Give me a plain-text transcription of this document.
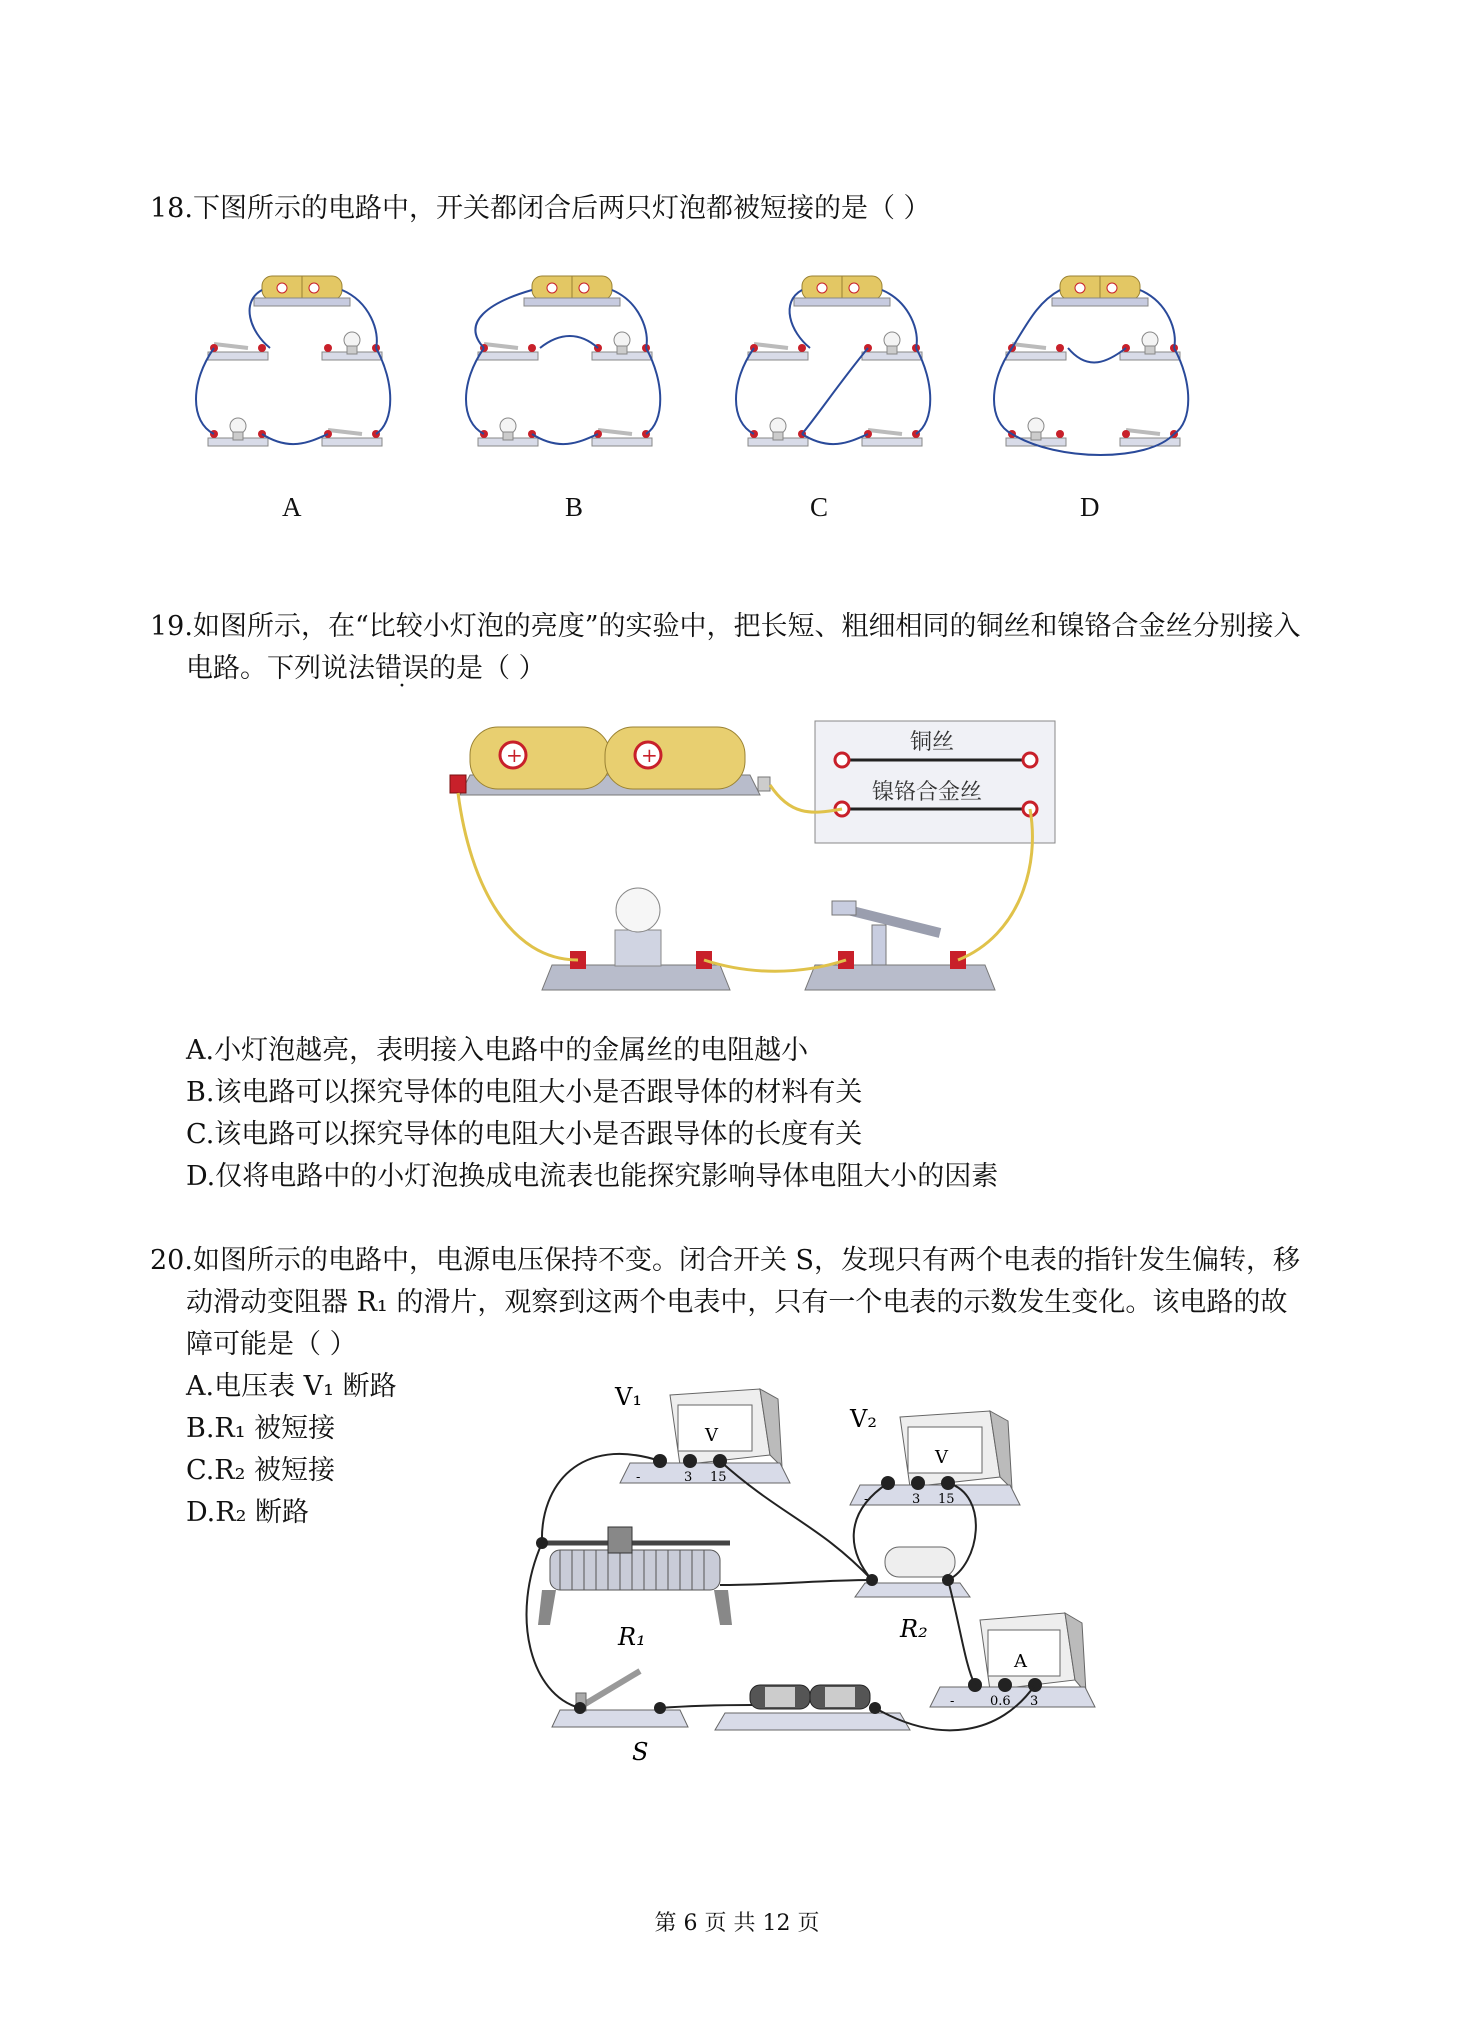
18.下图所示的电路中，开关都闭合后两只灯泡都被短接的是（ ）
A	B	C	D
19.如图所示，在“比较小灯泡的亮度”的实验中，把长短、粗细相同的铜丝和镍铬合金丝分别接入
电路。下列说法错误的是（ ）
+	+	铜丝
镍铬合金丝
A.小灯泡越亮，表明接入电路中的金属丝的电阻越小
B.该电路可以探究导体的电阻大小是否跟导体的材料有关
C.该电路可以探究导体的电阻大小是否跟导体的长度有关
D.仅将电路中的小灯泡换成电流表也能探究影响导体电阻大小的因素
20.如图所示的电路中，电源电压保持不变。闭合开关 S，发现只有两个电表的指针发生偏转，移
动滑动变阻器 R₁ 的滑片，观察到这两个电表中，只有一个电表的示数发生变化。该电路的故
障可能是（ ）
A.电压表 V₁ 断路
B.R₁ 被短接
C.R₂ 被短接
D.R₂ 断路
V₁
V
-	3 15
V₂
V
-	3 15
R₁	R₂
A
-	0.6 3
S
第 6 页 共 12 页
